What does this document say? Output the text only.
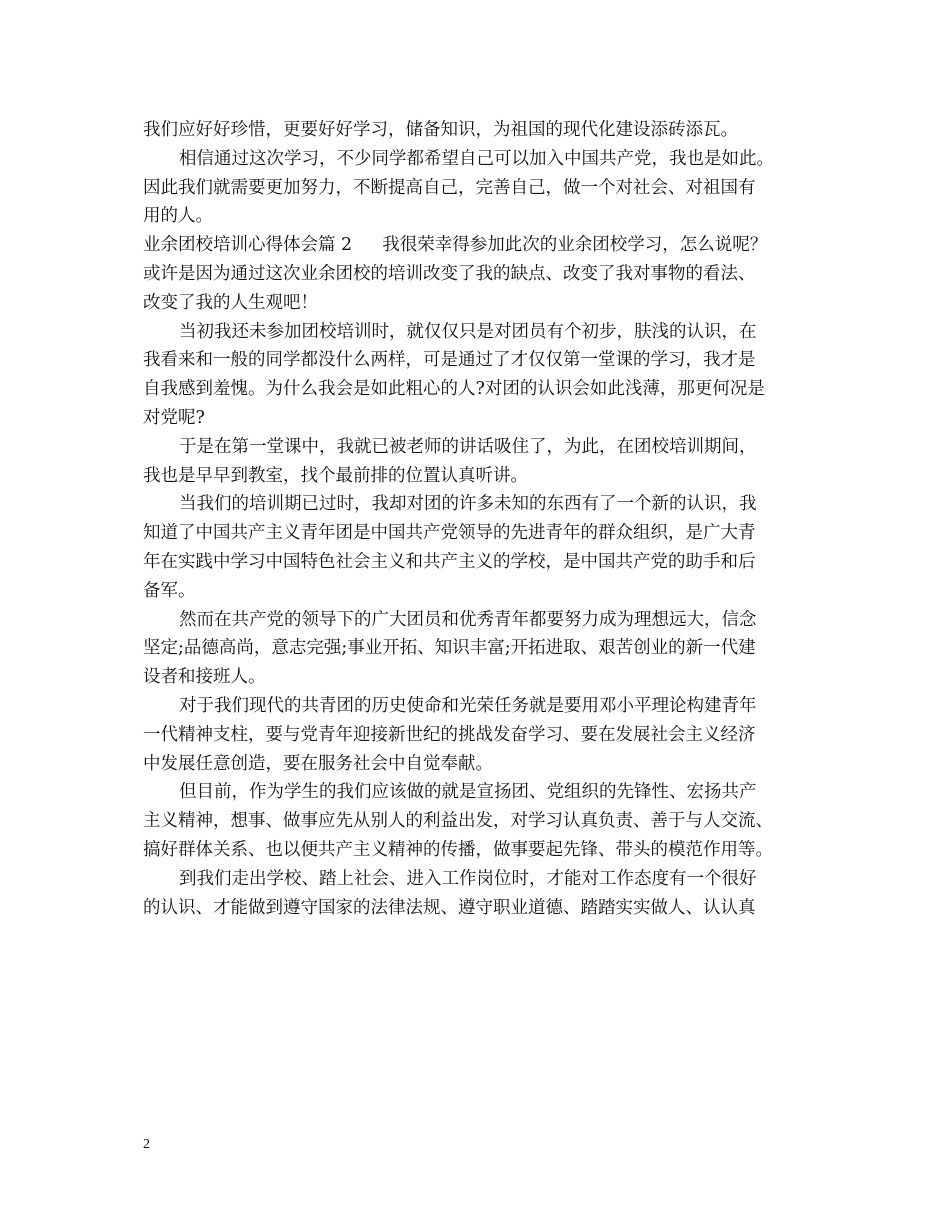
我们应好好珍惜，更要好好学习，储备知识，为祖国的现代化建设添砖添瓦。
相信通过这次学习，不少同学都希望自己可以加入中国共产党，我也是如此。
因此我们就需要更加努力，不断提高自己，完善自己，做一个对社会、对祖国有
用的人。
业余团校培训心得体会篇 2 我很荣幸得参加此次的业余团校学习，怎么说呢？
或许是因为通过这次业余团校的培训改变了我的缺点、改变了我对事物的看法、
改变了我的人生观吧！
当初我还未参加团校培训时，就仅仅只是对团员有个初步，肤浅的认识，在
我看来和一般的同学都没什么两样，可是通过了才仅仅第一堂课的学习，我才是
自我感到羞愧。为什么我会是如此粗心的人?对团的认识会如此浅薄，那更何况是
对党呢?
于是在第一堂课中，我就已被老师的讲话吸住了，为此，在团校培训期间，
我也是早早到教室，找个最前排的位置认真听讲。
当我们的培训期已过时，我却对团的许多未知的东西有了一个新的认识，我
知道了中国共产主义青年团是中国共产党领导的先进青年的群众组织，是广大青
年在实践中学习中国特色社会主义和共产主义的学校，是中国共产党的助手和后
备军。
然而在共产党的领导下的广大团员和优秀青年都要努力成为理想远大，信念
坚定;品德高尚，意志完强;事业开拓、知识丰富;开拓进取、艰苦创业的新一代建
设者和接班人。
对于我们现代的共青团的历史使命和光荣任务就是要用邓小平理论构建青年
一代精神支柱，要与党青年迎接新世纪的挑战发奋学习、要在发展社会主义经济
中发展任意创造，要在服务社会中自觉奉献。
但目前，作为学生的我们应该做的就是宣扬团、党组织的先锋性、宏扬共产
主义精神，想事、做事应先从别人的利益出发，对学习认真负责、善于与人交流、
搞好群体关系、也以便共产主义精神的传播，做事要起先锋、带头的模范作用等。
到我们走出学校、踏上社会、进入工作岗位时，才能对工作态度有一个很好
的认识、才能做到遵守国家的法律法规、遵守职业道德、踏踏实实做人、认认真
2
